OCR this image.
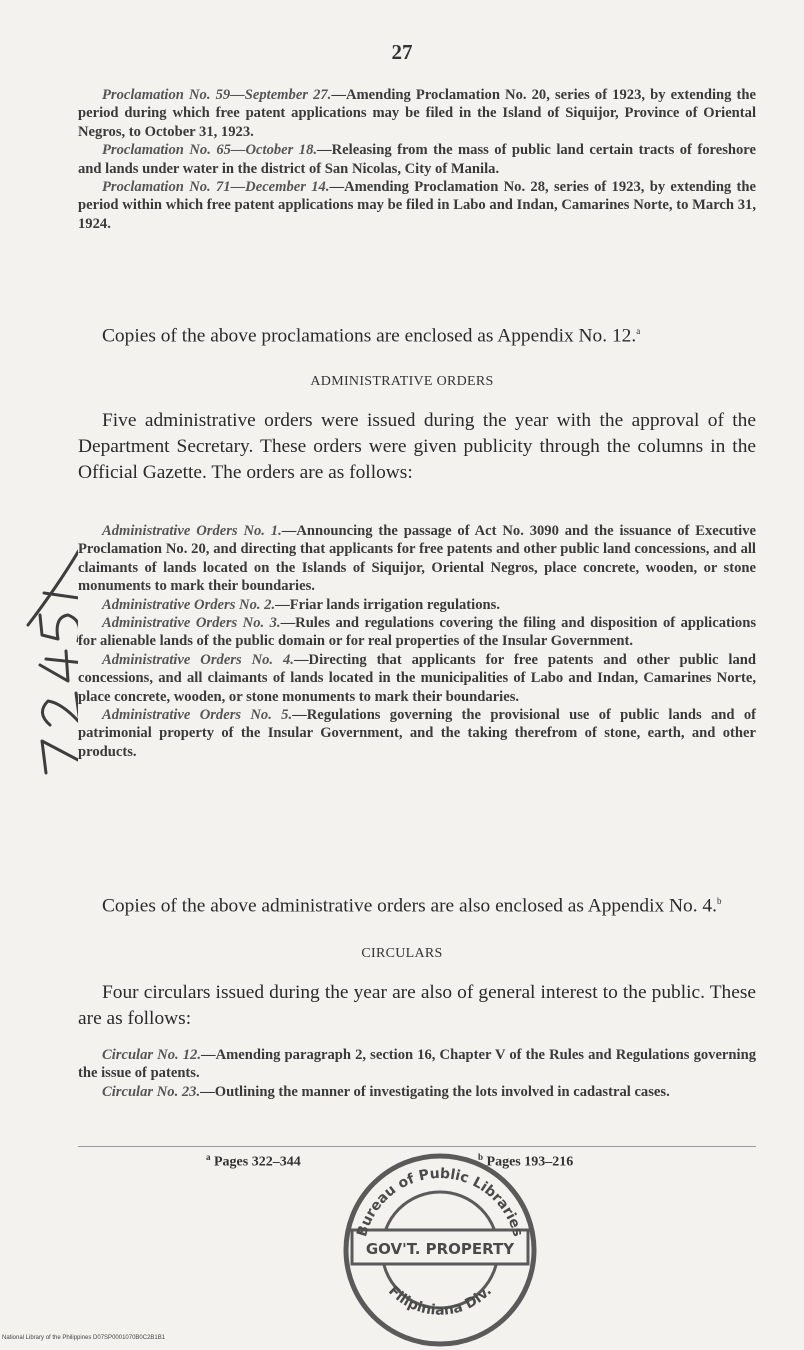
27

Proclamation No. 59—September 27.—Amending Proclamation No. 20, series of 1923, by extending the period during which free patent applications may be filed in the Island of Siquijor, Province of Oriental Negros, to October 31, 1923.

Proclamation No. 65—October 18.—Releasing from the mass of public land certain tracts of foreshore and lands under water in the district of San Nicolas, City of Manila.

Proclamation No. 71—December 14.—Amending Proclamation No. 28, series of 1923, by extending the period within which free patent applications may be filed in Labo and Indan, Camarines Norte, to March 31, 1924.

Copies of the above proclamations are enclosed as Appendix No. 12.$^a$

ADMINISTRATIVE ORDERS

Five administrative orders were issued during the year with the approval of the Department Secretary. These orders were given publicity through the columns in the Official Gazette. The orders are as follows:

Administrative Orders No. 1.—Announcing the passage of Act No. 3090 and the issuance of Executive Proclamation No. 20, and directing that applicants for free patents and other public land concessions, and all claimants of lands located on the Islands of Siquijor, Oriental Negros, place concrete, wooden, or stone monuments to mark their boundaries.

Administrative Orders No. 2.—Friar lands irrigation regulations.

Administrative Orders No. 3.—Rules and regulations covering the filing and disposition of applications for alienable lands of the public domain or for real properties of the Insular Government.

Administrative Orders No. 4.—Directing that applicants for free patents and other public land concessions, and all claimants of lands located in the municipalities of Labo and Indan, Camarines Norte, place concrete, wooden, or stone monuments to mark their boundaries.

Administrative Orders No. 5.—Regulations governing the provisional use of public lands and of patrimonial property of the Insular Government, and the taking therefrom of stone, earth, and other products.

Copies of the above administrative orders are also enclosed as Appendix No. 4.$^b$

CIRCULARS

Four circulars issued during the year are also of general interest to the public. These are as follows:

Circular No. 12.—Amending paragraph 2, section 16, Chapter V of the Rules and Regulations governing the issue of patents.

Circular No. 23.—Outlining the manner of investigating the lots involved in cadastral cases.

$^a$ Pages 322–344	$^b$ Pages 193–216
Bureau of Public Libraries
GOV'T. PROPERTY
Filipiniana Div.
National Library of the Philippines D07SP0001070B0C2B1B1
